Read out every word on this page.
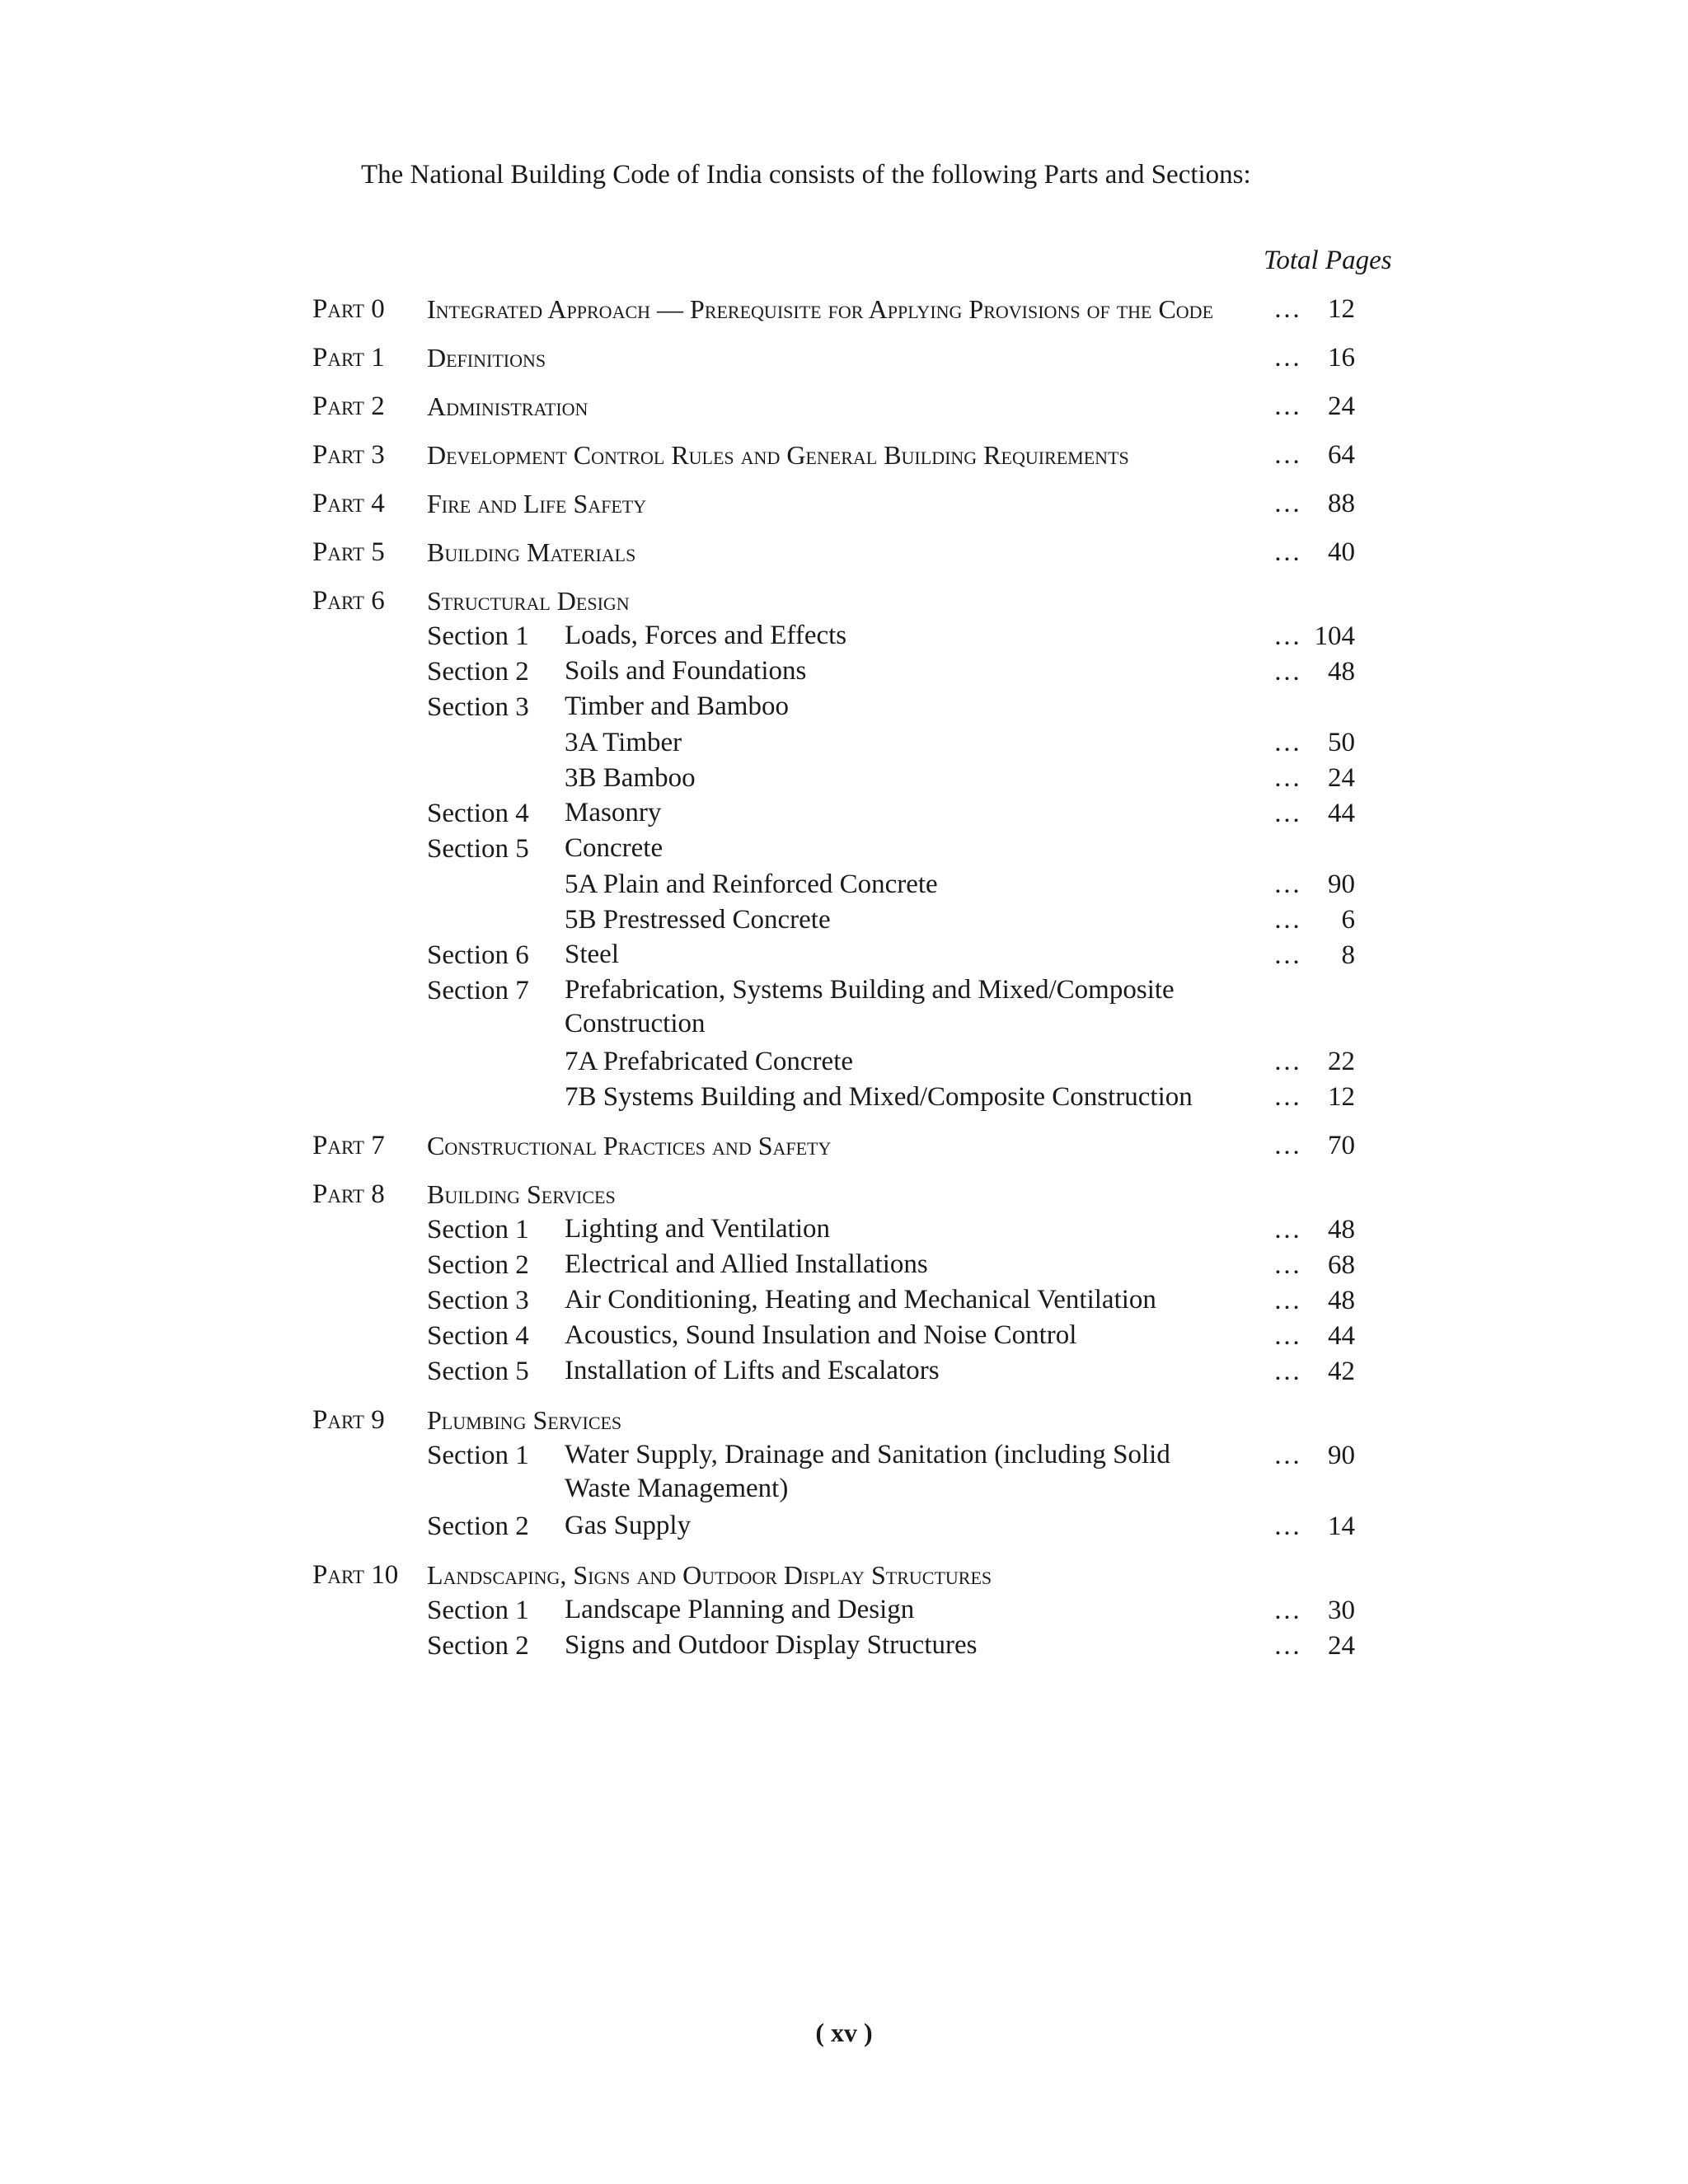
The National Building Code of India consists of the following Parts and Sections:
Total Pages
Part 0 Integrated Approach — Prerequisite for Applying Provisions of the Code … 12
Part 1 Definitions	… 16
Part 2 Administration	… 24
Part 3 Development Control Rules and General Building Requirements	… 64
Part 4 Fire and Life Safety	… 88
Part 5 Building Materials	… 40
Part 6 Structural Design
Section 1 Loads, Forces and Effects	… 104
Section 2 Soils and Foundations	… 48
Section 3 Timber and Bamboo
3A Timber	… 50
3B Bamboo	… 24
Section 4 Masonry	… 44
Section 5 Concrete
5A Plain and Reinforced Concrete	… 90
5B Prestressed Concrete	… 6
Section 6 Steel	… 8
Section 7 Prefabrication, Systems Building and Mixed/Composite Construction
7A Prefabricated Concrete	… 22
7B Systems Building and Mixed/Composite Construction	… 12
Part 7 Constructional Practices and Safety	… 70
Part 8 Building Services
Section 1 Lighting and Ventilation	… 48
Section 2 Electrical and Allied Installations	… 68
Section 3 Air Conditioning, Heating and Mechanical Ventilation	… 48
Section 4 Acoustics, Sound Insulation and Noise Control	… 44
Section 5 Installation of Lifts and Escalators	… 42
Part 9 Plumbing Services
Section 1 Water Supply, Drainage and Sanitation (including Solid Waste Management)
… 90
Section 2 Gas Supply	… 14
Part 10 Landscaping, Signs and Outdoor Display Structures
Section 1 Landscape Planning and Design	… 30
Section 2 Signs and Outdoor Display Structures	… 24
( xv )
